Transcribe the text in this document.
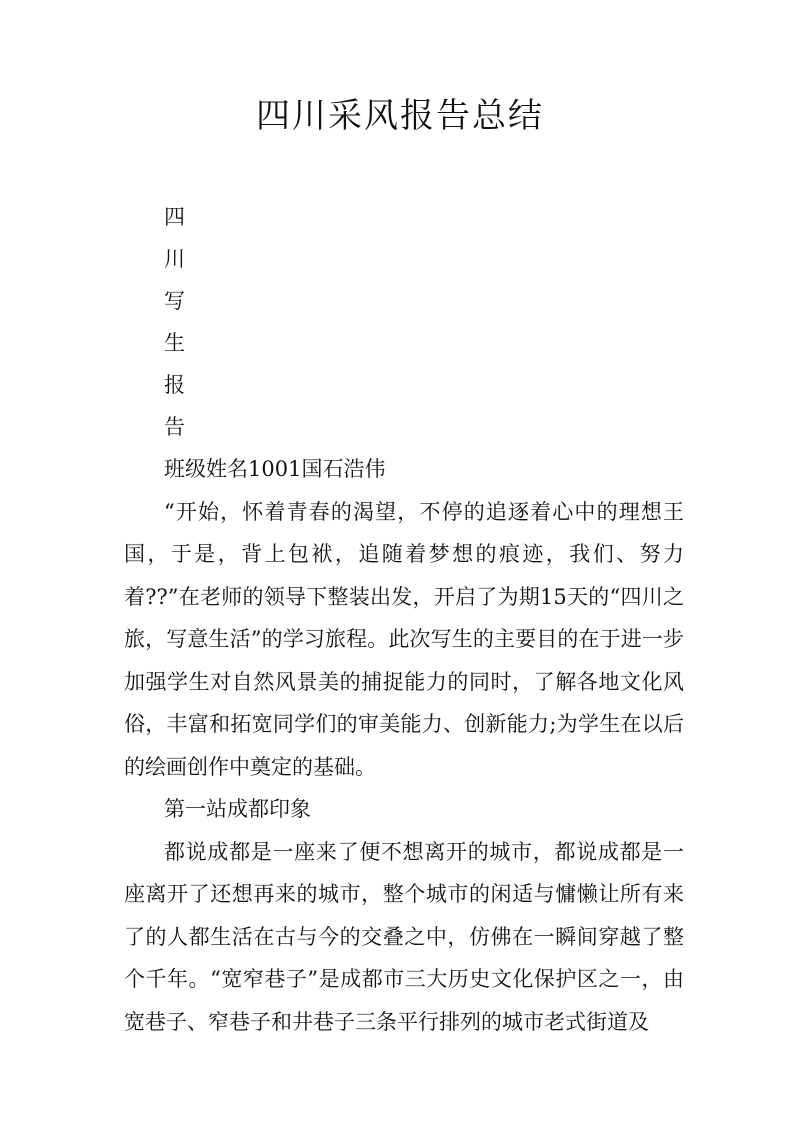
四川采风报告总结
四
川
写
生
报
告

班级姓名1001国石浩伟

“开始，怀着青春的渴望，不停的追逐着心中的理想王国，于是，背上包袱，追随着梦想的痕迹，我们、努力着??”在老师的领导下整装出发，开启了为期15天的“四川之旅，写意生活”的学习旅程。此次写生的主要目的在于进一步加强学生对自然风景美的捕捉能力的同时，了解各地文化风俗，丰富和拓宽同学们的审美能力、创新能力;为学生在以后的绘画创作中奠定的基础。

第一站成都印象

都说成都是一座来了便不想离开的城市，都说成都是一座离开了还想再来的城市，整个城市的闲适与慵懒让所有来了的人都生活在古与今的交叠之中，仿佛在一瞬间穿越了整个千年。“宽窄巷子”是成都市三大历史文化保护区之一，由宽巷子、窄巷子和井巷子三条平行排列的城市老式街道及
